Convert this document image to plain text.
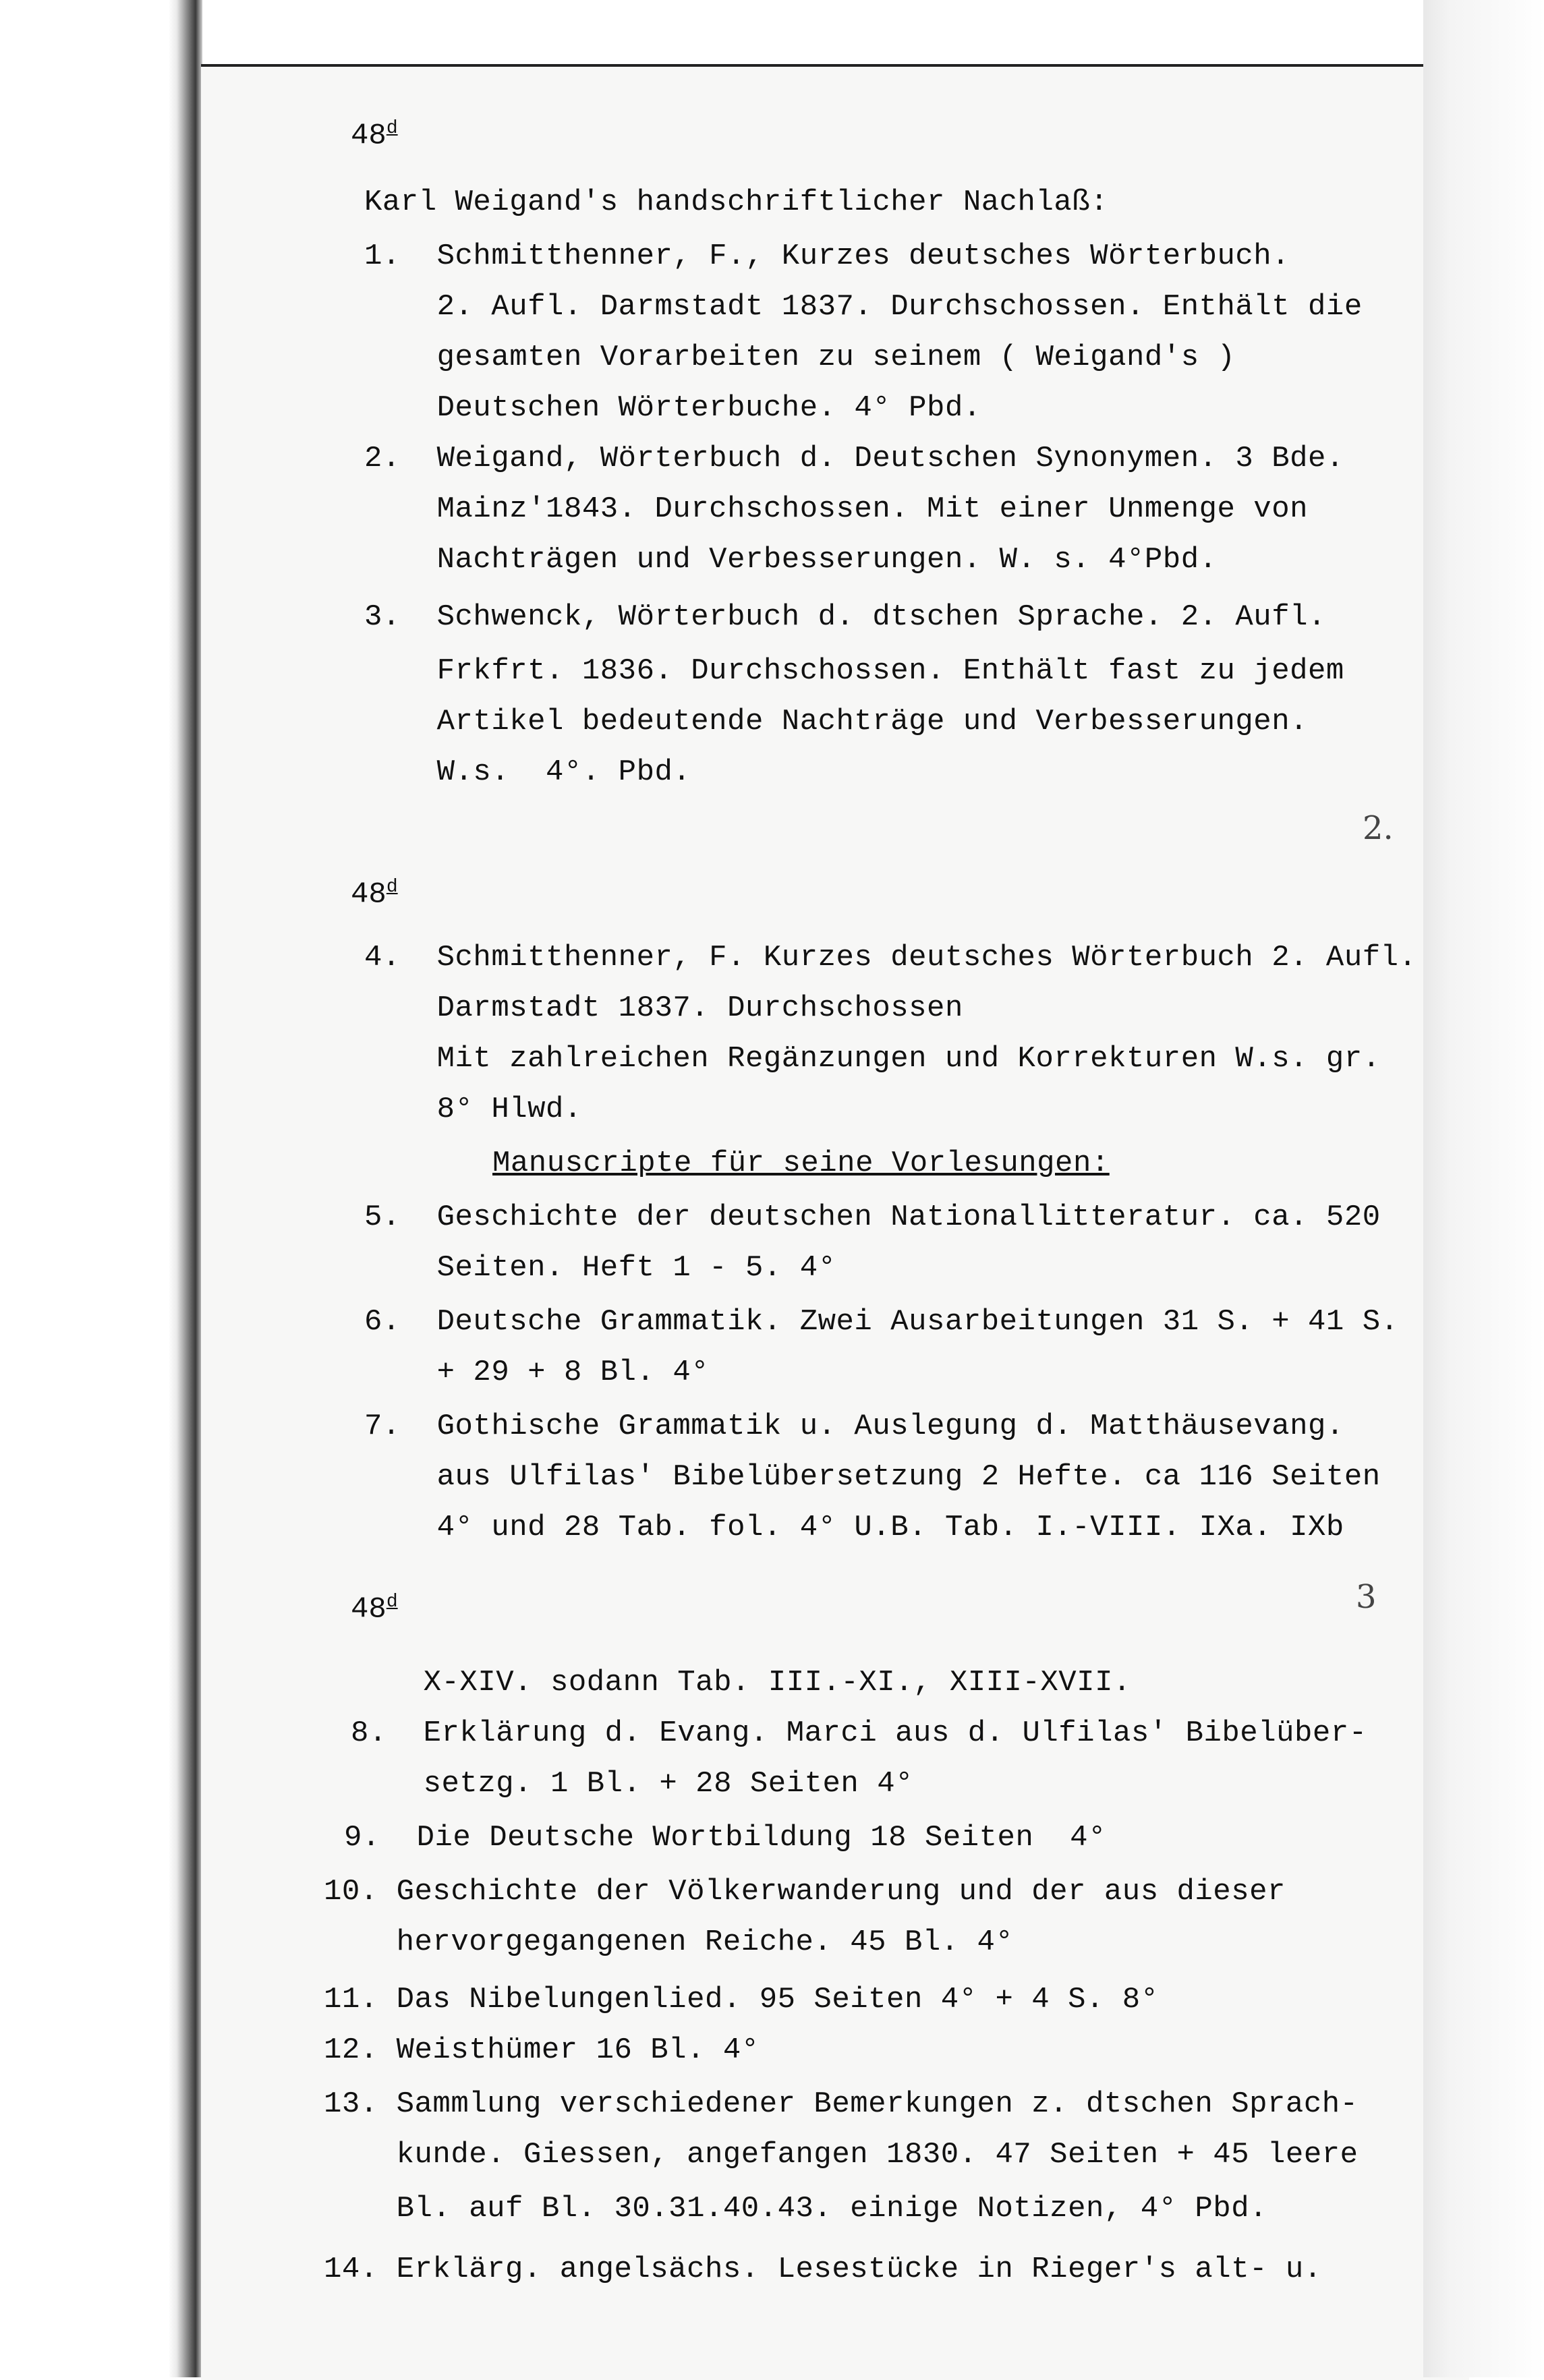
48$^d$
48$^d$
48$^d$
2.
3
Karl Weigand's handschriftlicher Nachlaß:
1.  Schmitthenner, F., Kurzes deutsches Wörterbuch.
2. Aufl. Darmstadt 1837. Durchschossen. Enthält die
gesamten Vorarbeiten zu seinem ( Weigand's )
Deutschen Wörterbuche. 4° Pbd.
2.  Weigand, Wörterbuch d. Deutschen Synonymen. 3 Bde.
Mainz'1843. Durchschossen. Mit einer Unmenge von
Nachträgen und Verbesserungen. W. s. 4°Pbd.
3.  Schwenck, Wörterbuch d. dtschen Sprache. 2. Aufl.
Frkfrt. 1836. Durchschossen. Enthält fast zu jedem
Artikel bedeutende Nachträge und Verbesserungen.
W.s.  4°. Pbd.
4.  Schmitthenner, F. Kurzes deutsches Wörterbuch 2. Aufl.
Darmstadt 1837. Durchschossen
Mit zahlreichen Regänzungen und Korrekturen W.s. gr.
8° Hlwd.
Manuscripte für seine Vorlesungen:
5.  Geschichte der deutschen Nationallitteratur. ca. 520
Seiten. Heft 1 - 5. 4°
6.  Deutsche Grammatik. Zwei Ausarbeitungen 31 S. + 41 S.
+ 29 + 8 Bl. 4°
7.  Gothische Grammatik u. Auslegung d. Matthäusevang.
aus Ulfilas' Bibelübersetzung 2 Hefte. ca 116 Seiten
4° und 28 Tab. fol. 4° U.B. Tab. I.-VIII. IXa. IXb
X-XIV. sodann Tab. III.-XI., XIII-XVII.
8.  Erklärung d. Evang. Marci aus d. Ulfilas' Bibelüber-
setzg. 1 Bl. + 28 Seiten 4°
9.  Die Deutsche Wortbildung 18 Seiten  4°
10. Geschichte der Völkerwanderung und der aus dieser
hervorgegangenen Reiche. 45 Bl. 4°
11. Das Nibelungenlied. 95 Seiten 4° + 4 S. 8°
12. Weisthümer 16 Bl. 4°
13. Sammlung verschiedener Bemerkungen z. dtschen Sprach-
kunde. Giessen, angefangen 1830. 47 Seiten + 45 leere
Bl. auf Bl. 30.31.40.43. einige Notizen, 4° Pbd.
14. Erklärg. angelsächs. Lesestücke in Rieger's alt- u.
